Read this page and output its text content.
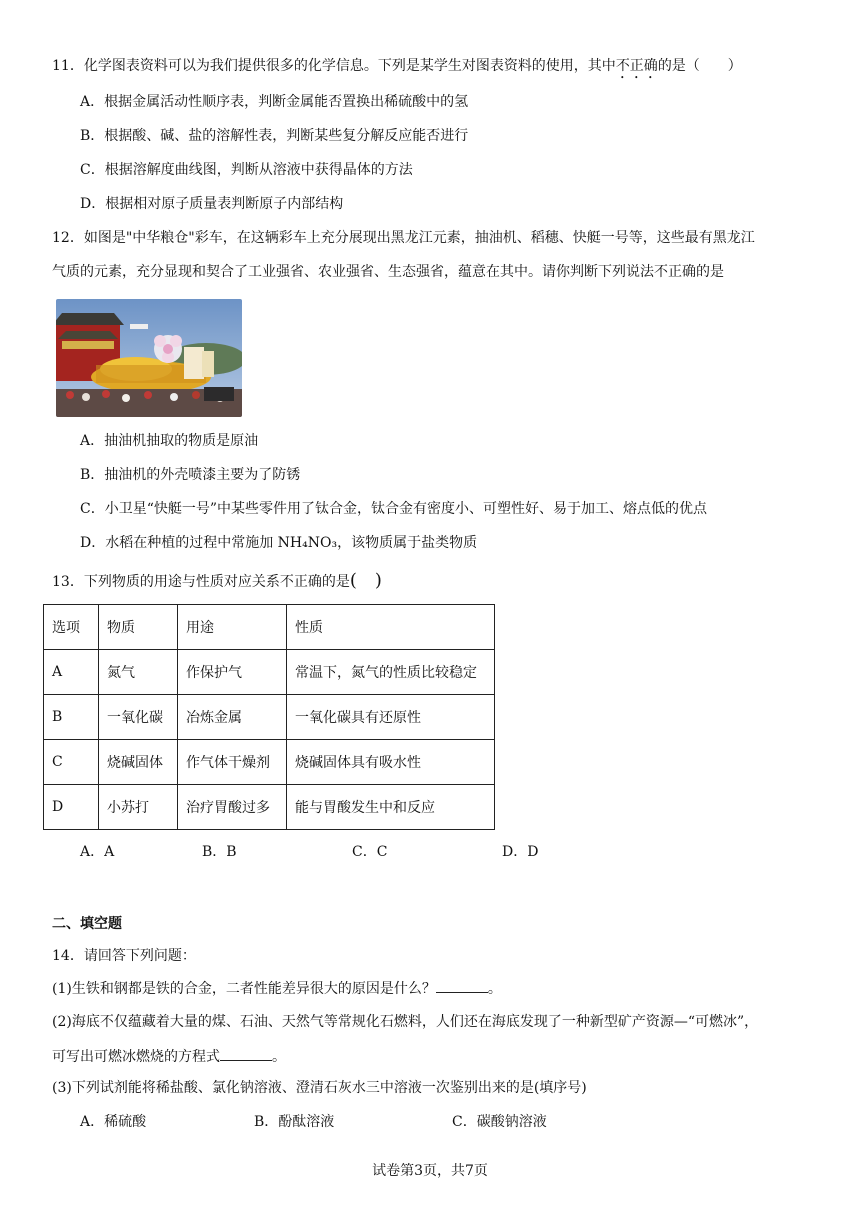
11．化学图表资料可以为我们提供很多的化学信息。下列是某学生对图表资料的使用，其中不正确的是（　　）
A．根据金属活动性顺序表，判断金属能否置换出稀硫酸中的氢
B．根据酸、碱、盐的溶解性表，判断某些复分解反应能否进行
C．根据溶解度曲线图，判断从溶液中获得晶体的方法
D．根据相对原子质量表判断原子内部结构
12．如图是"中华粮仓"彩车，在这辆彩车上充分展现出黑龙江元素，抽油机、稻穗、快艇一号等，这些最有黑龙江
气质的元素，充分显现和契合了工业强省、农业强省、生态强省，蕴意在其中。请你判断下列说法不正确的是
A．抽油机抽取的物质是原油
B．抽油机的外壳喷漆主要为了防锈
C．小卫星“快艇一号”中某些零件用了钛合金，钛合金有密度小、可塑性好、易于加工、熔点低的优点
D．水稻在种植的过程中常施加 NH₄NO₃，该物质属于盐类物质
13．下列物质的用途与性质对应关系不正确的是(　)
选项	物质	用途	性质
A	氮气	作保护气	常温下，氮气的性质比较稳定
B	一氧化碳	冶炼金属	一氧化碳具有还原性
C	烧碱固体	作气体干燥剂	烧碱固体具有吸水性
D	小苏打	治疗胃酸过多	能与胃酸发生中和反应
A．A	B．B	C．C	D．D
二、填空题
14．请回答下列问题：
(1)生铁和钢都是铁的合金，二者性能差异很大的原因是什么？	。
(2)海底不仅蕴藏着大量的煤、石油、天然气等常规化石燃料，人们还在海底发现了一种新型矿产资源—“可燃冰”，
可写出可燃冰燃烧的方程式	。
(3)下列试剂能将稀盐酸、氯化钠溶液、澄清石灰水三中溶液一次鉴别出来的是(填序号)
A．稀硫酸	B．酚酞溶液	C．碳酸钠溶液
试卷第3页，共7页
